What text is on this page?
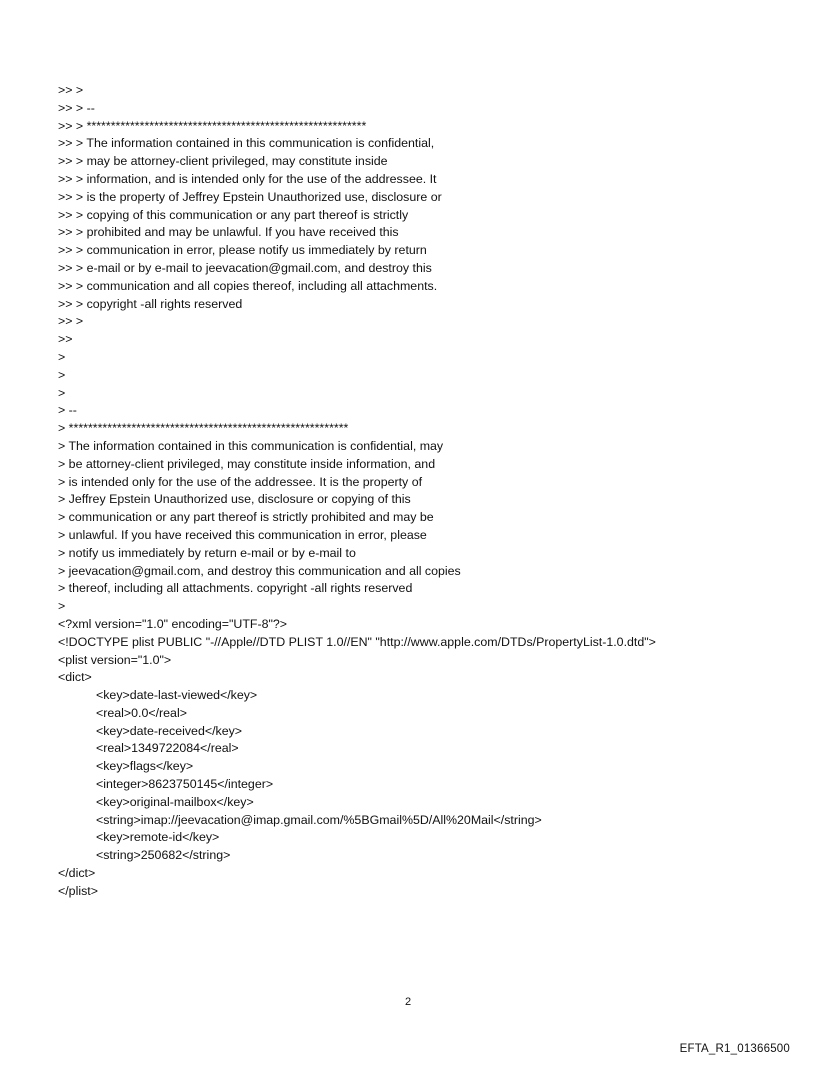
>> >
>> > --
>> > **********************************************************
>> > The information contained in this communication is confidential,
>> > may be attorney-client privileged, may constitute inside
>> > information, and is intended only for the use of the addressee. It
>> > is the property of Jeffrey Epstein Unauthorized use, disclosure or
>> > copying of this communication or any part thereof is strictly
>> > prohibited and may be unlawful. If you have received this
>> > communication in error, please notify us immediately by return
>> > e-mail or by e-mail to jeevacation@gmail.com, and destroy this
>> > communication and all copies thereof, including all attachments.
>> > copyright -all rights reserved
>> >
>>
>
>
>
> --
> **********************************************************
> The information contained in this communication is confidential, may
> be attorney-client privileged, may constitute inside information, and
> is intended only for the use of the addressee. It is the property of
> Jeffrey Epstein Unauthorized use, disclosure or copying of this
> communication or any part thereof is strictly prohibited and may be
> unlawful. If you have received this communication in error, please
> notify us immediately by return e-mail or by e-mail to
> jeevacation@gmail.com, and destroy this communication and all copies
> thereof, including all attachments. copyright -all rights reserved
>
<?xml version="1.0" encoding="UTF-8"?>
<!DOCTYPE plist PUBLIC "-//Apple//DTD PLIST 1.0//EN" "http://www.apple.com/DTDs/PropertyList-1.0.dtd">
<plist version="1.0">
<dict>
<key>date-last-viewed</key>
<real>0.0</real>
<key>date-received</key>
<real>1349722084</real>
<key>flags</key>
<integer>8623750145</integer>
<key>original-mailbox</key>
<string>imap://jeevacation@imap.gmail.com/%5BGmail%5D/All%20Mail</string>
<key>remote-id</key>
<string>250682</string>
</dict>
</plist>
2
EFTA_R1_01366500
